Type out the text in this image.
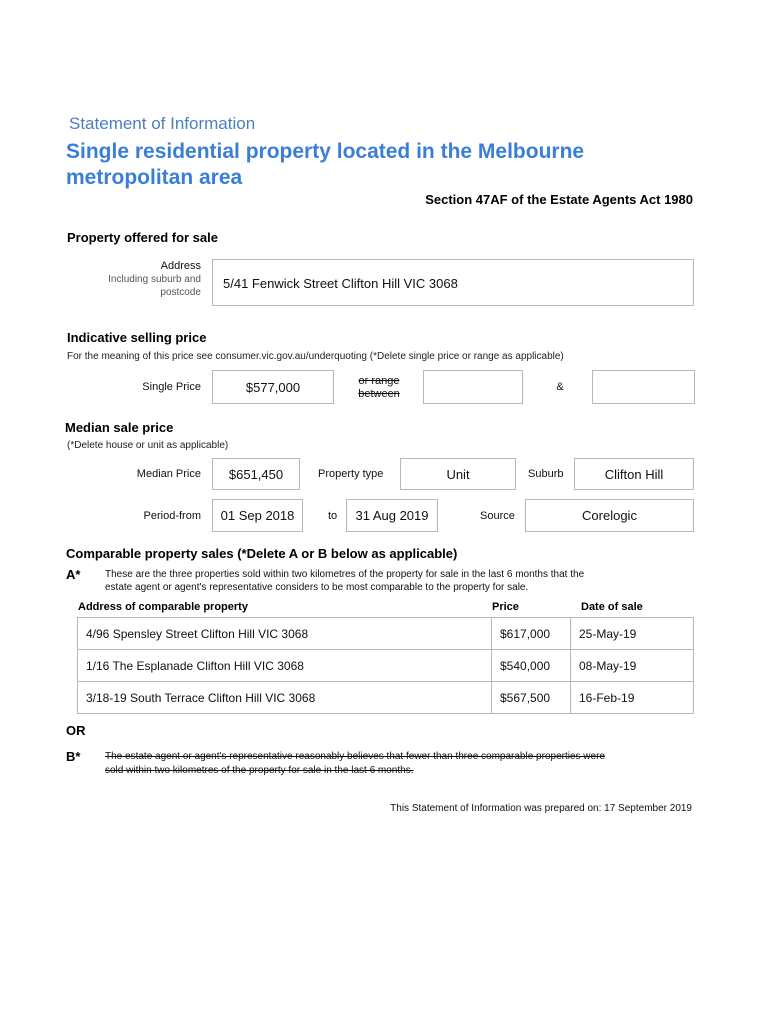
Statement of Information
Single residential property located in the Melbourne
metropolitan area
Section 47AF of the Estate Agents Act 1980
Property offered for sale
Address
Including suburb and
postcode
5/41 Fenwick Street Clifton Hill VIC 3068
Indicative selling price
For the meaning of this price see consumer.vic.gov.au/underquoting (*Delete single price or range as applicable)
Single Price	$577,000	or range
between
&
Median sale price
(*Delete house or unit as applicable)
Median Price $651,450	Property type	Unit	Suburb	Clifton Hill
Period-from 01 Sep 2018	to 31 Aug 2019	Source	Corelogic
Comparable property sales (*Delete A or B below as applicable)
A* These are the three properties sold within two kilometres of the property for sale in the last 6 months that the
estate agent or agent's representative considers to be most comparable to the property for sale.
Address of comparable property	Price	Date of sale
4/96 Spensley Street Clifton Hill VIC 3068	$617,000	25-May-19
1/16 The Esplanade Clifton Hill VIC 3068	$540,000	08-May-19
3/18-19 South Terrace Clifton Hill VIC 3068	$567,500	16-Feb-19
OR
B* The estate agent or agent's representative reasonably believes that fewer than three comparable properties were
sold within two kilometres of the property for sale in the last 6 months.
This Statement of Information was prepared on: 17 September 2019
